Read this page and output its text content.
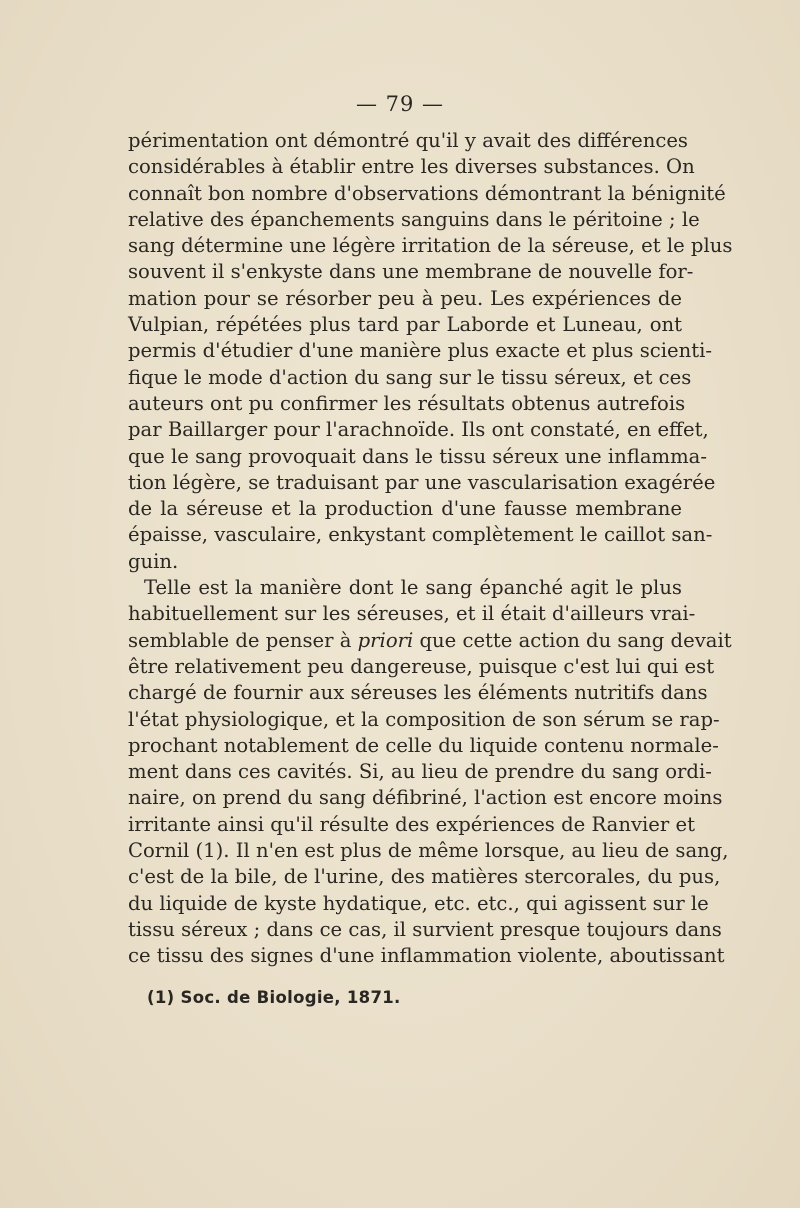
— 79 —
périmentation ont démontré qu'il y avait des différences
considérables à établir entre les diverses substances. On
connaît bon nombre d'observations démontrant la bénignité
relative des épanchements sanguins dans le péritoine ; le
sang détermine une légère irritation de la séreuse, et le plus
souvent il s'enkyste dans une membrane de nouvelle for-
mation pour se résorber peu à peu. Les expériences de
Vulpian, répétées plus tard par Laborde et Luneau, ont
permis d'étudier d'une manière plus exacte et plus scienti-
fique le mode d'action du sang sur le tissu séreux, et ces
auteurs ont pu confirmer les résultats obtenus autrefois
par Baillarger pour l'arachnoïde. Ils ont constaté, en effet,
que le sang provoquait dans le tissu séreux une inflamma-
tion légère, se traduisant par une vascularisation exagérée
de la séreuse et la production d'une fausse membrane
épaisse, vasculaire, enkystant complètement le caillot san-
guin.
Telle est la manière dont le sang épanché agit le plus
habituellement sur les séreuses, et il était d'ailleurs vrai-
semblable de penser à priori que cette action du sang devait
être relativement peu dangereuse, puisque c'est lui qui est
chargé de fournir aux séreuses les éléments nutritifs dans
l'état physiologique, et la composition de son sérum se rap-
prochant notablement de celle du liquide contenu normale-
ment dans ces cavités. Si, au lieu de prendre du sang ordi-
naire, on prend du sang défibriné, l'action est encore moins
irritante ainsi qu'il résulte des expériences de Ranvier et
Cornil (1). Il n'en est plus de même lorsque, au lieu de sang,
c'est de la bile, de l'urine, des matières stercorales, du pus,
du liquide de kyste hydatique, etc. etc., qui agissent sur le
tissu séreux ; dans ce cas, il survient presque toujours dans
ce tissu des signes d'une inflammation violente, aboutissant
(1) Soc. de Biologie, 1871.
